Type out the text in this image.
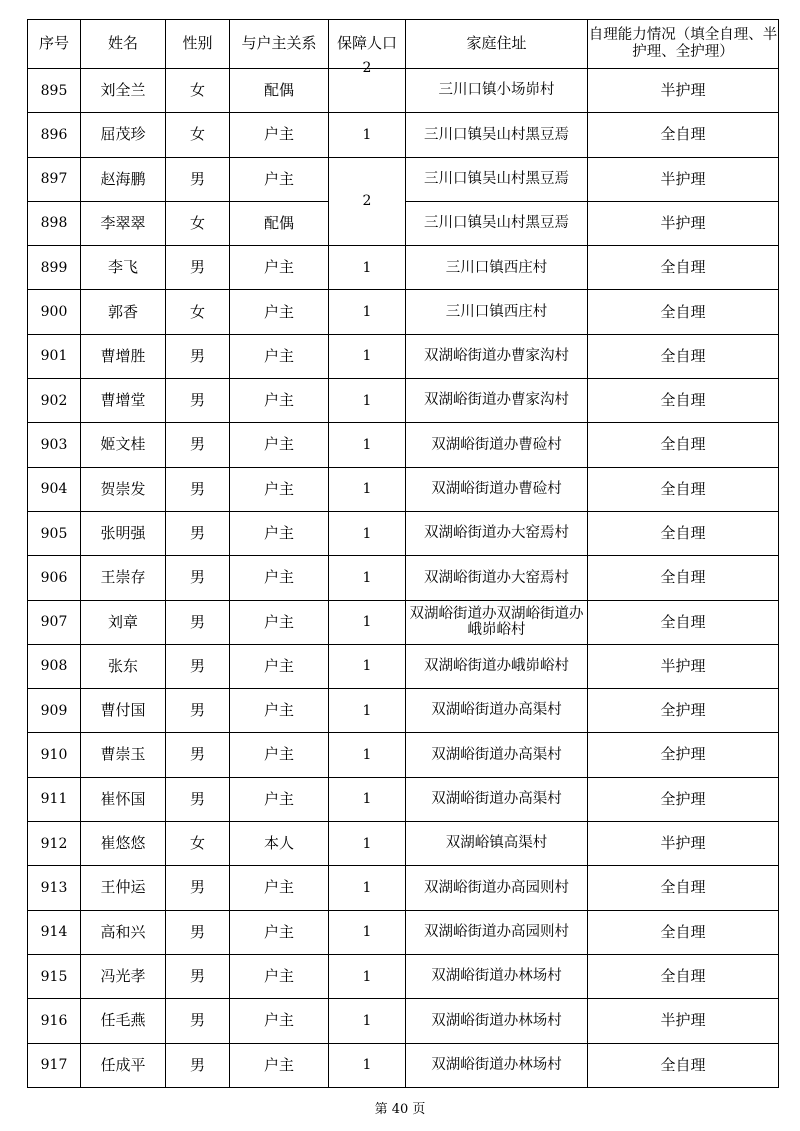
序号	姓名	性别	与户主关系	保障人口	家庭住址	自理能力情况（填全自理、半护理、全护理）
895	刘全兰	女	配偶	2	三川口镇小场峁村	半护理
896	屈茂珍	女	户主	1	三川口镇吴山村黑豆焉	全自理
897	赵海鹏	男	户主	2	三川口镇吴山村黑豆焉	半护理
898	李翠翠	女	配偶		三川口镇吴山村黑豆焉	半护理
899	李飞	男	户主	1	三川口镇西庄村	全自理
900	郭香	女	户主	1	三川口镇西庄村	全自理
901	曹增胜	男	户主	1	双湖峪街道办曹家沟村	全自理
902	曹增堂	男	户主	1	双湖峪街道办曹家沟村	全自理
903	姬文桂	男	户主	1	双湖峪街道办曹硷村	全自理
904	贺崇发	男	户主	1	双湖峪街道办曹硷村	全自理
905	张明强	男	户主	1	双湖峪街道办大窑焉村	全自理
906	王崇存	男	户主	1	双湖峪街道办大窑焉村	全自理
907	刘章	男	户主	1	双湖峪街道办双湖峪街道办峨峁峪村	全自理
908	张东	男	户主	1	双湖峪街道办峨峁峪村	半护理
909	曹付国	男	户主	1	双湖峪街道办高渠村	全护理
910	曹崇玉	男	户主	1	双湖峪街道办高渠村	全护理
911	崔怀国	男	户主	1	双湖峪街道办高渠村	全护理
912	崔悠悠	女	本人	1	双湖峪镇高渠村	半护理
913	王仲运	男	户主	1	双湖峪街道办高园则村	全自理
914	高和兴	男	户主	1	双湖峪街道办高园则村	全自理
915	冯光孝	男	户主	1	双湖峪街道办林场村	全自理
916	任毛燕	男	户主	1	双湖峪街道办林场村	半护理
917	任成平	男	户主	1	双湖峪街道办林场村	全自理
第 40 页
